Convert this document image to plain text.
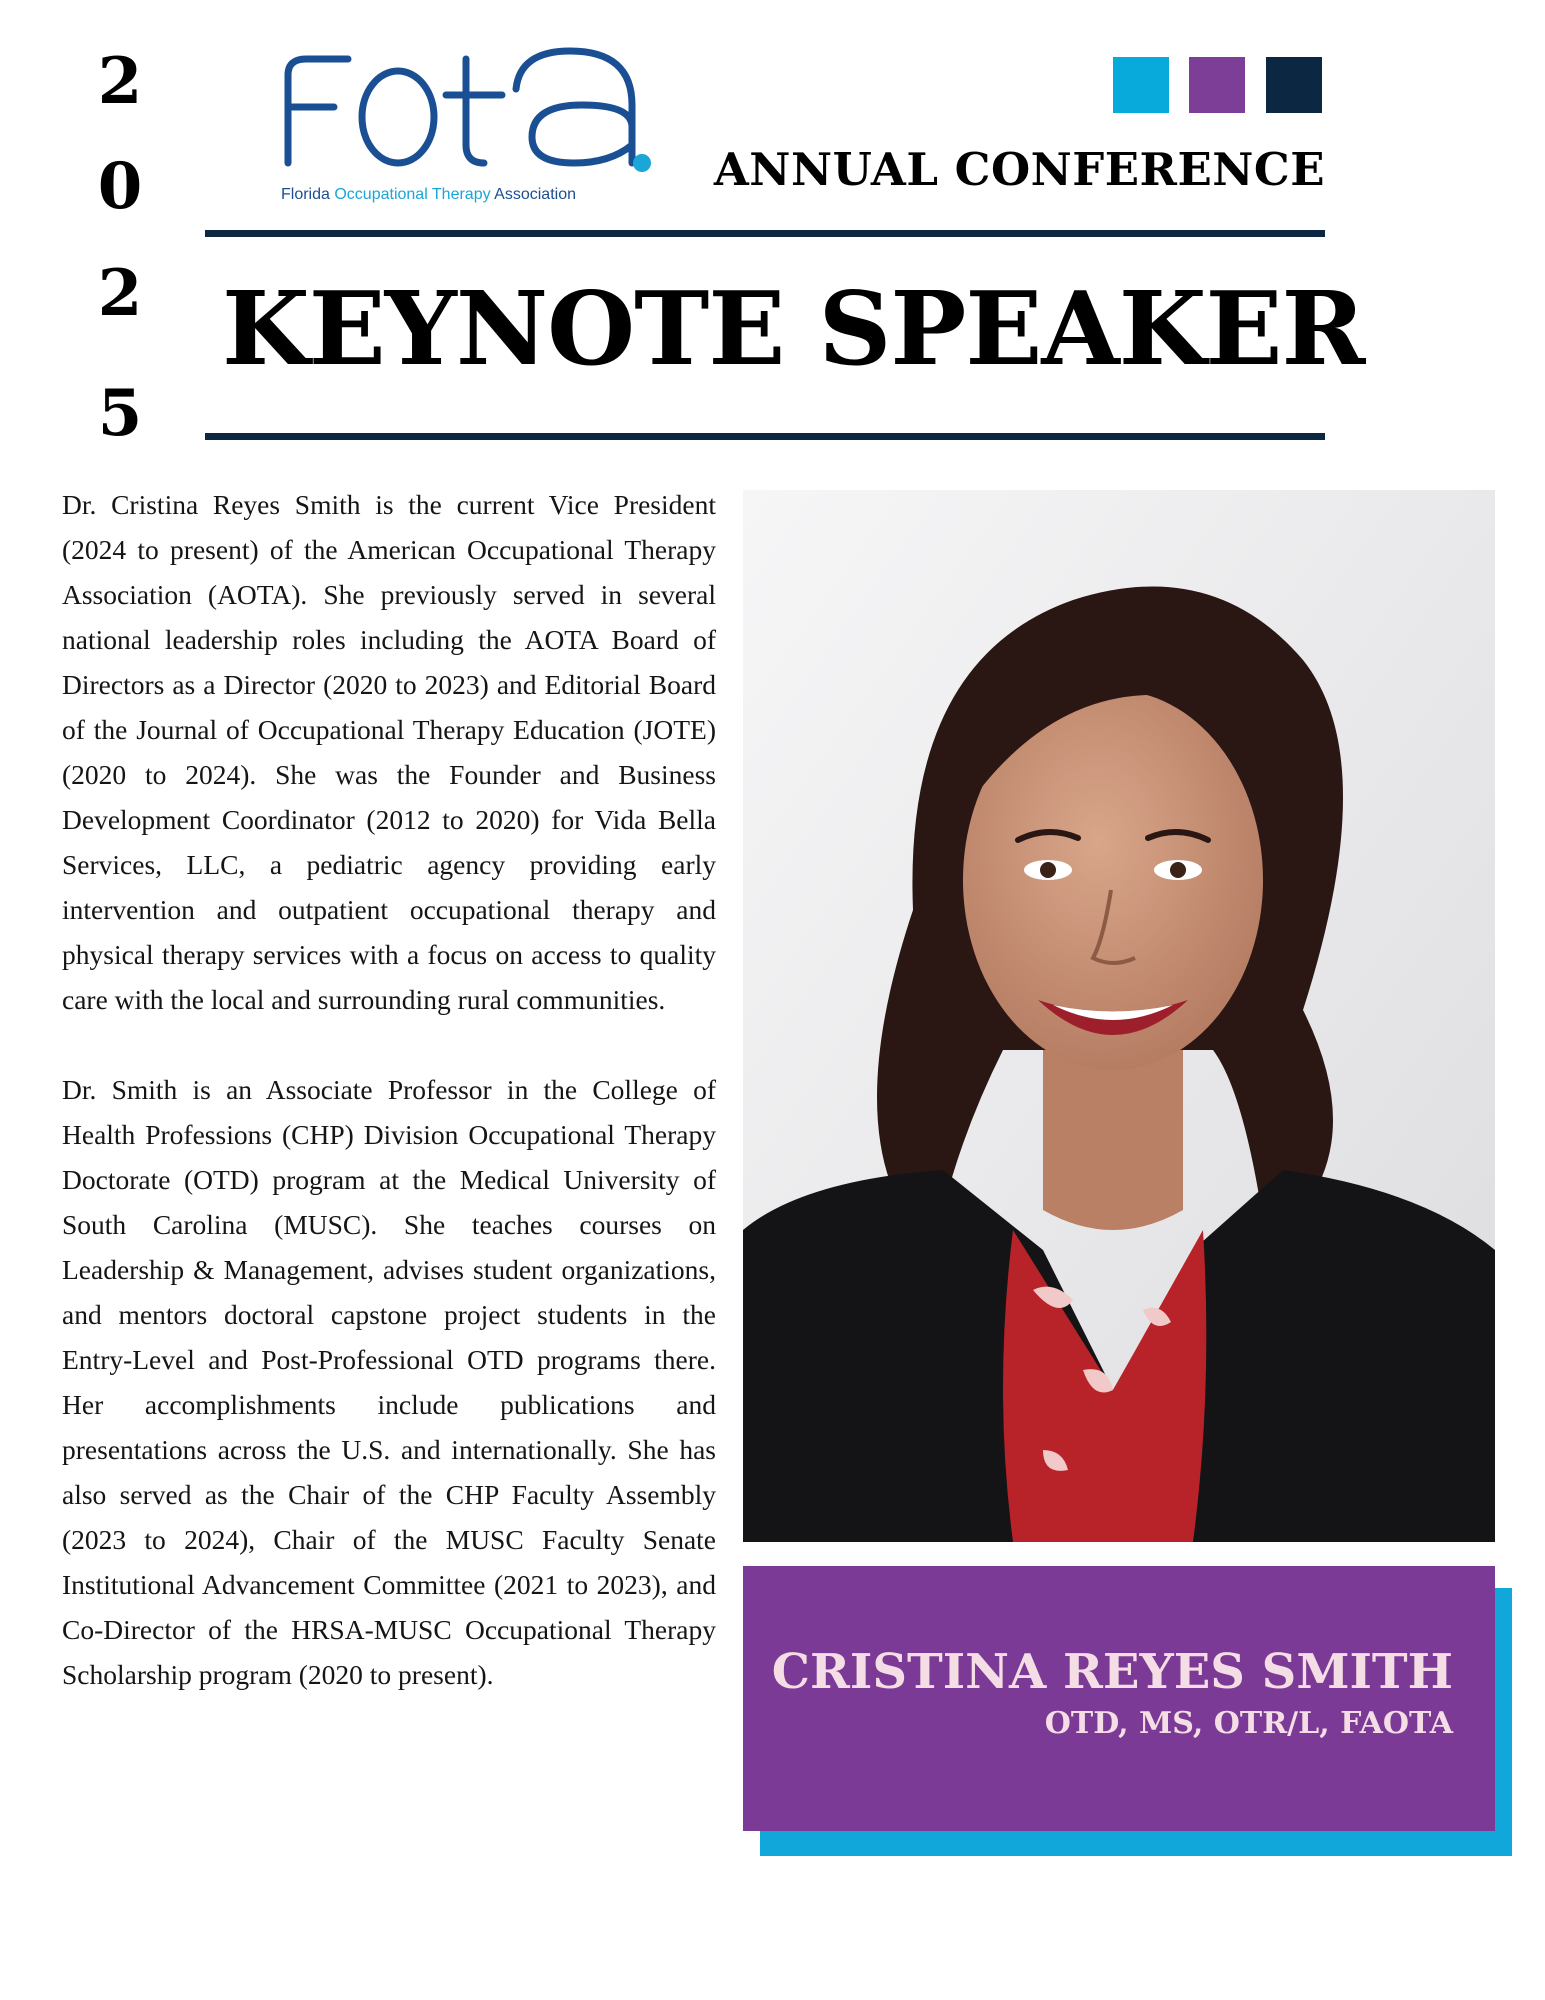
2
0
2
5
Florida Occupational Therapy Association	ANNUAL CONFERENCE
KEYNOTE SPEAKER

Dr. Cristina Reyes Smith is the current Vice President (2024 to present) of the American Occupational Therapy Association (AOTA). She previously served in several national leadership roles including the AOTA Board of Directors as a Director (2020 to 2023) and Editorial Board of the Journal of Occupational Therapy Education (JOTE) (2020 to 2024). She was the Founder and Business Development Coordinator (2012 to 2020) for Vida Bella Services, LLC, a pediatric agency providing early intervention and outpatient occupational therapy and physical therapy services with a focus on access to quality care with the local and surrounding rural communities.

Dr. Smith is an Associate Professor in the College of Health Professions (CHP) Division Occupational Therapy Doctorate (OTD) program at the Medical University of South Carolina (MUSC). She teaches courses on Leadership & Management, advises student organizations, and mentors doctoral capstone project students in the Entry-Level and Post-Professional OTD programs there. Her accomplishments include publications and presentations across the U.S. and internationally. She has also served as the Chair of the CHP Faculty Assembly (2023 to 2024), Chair of the MUSC Faculty Senate Institutional Advancement Committee (2021 to 2023), and Co-Director of the HRSA-MUSC Occupational Therapy Scholarship program (2020 to present).	CRISTINA REYES SMITH
OTD, MS, OTR/L, FAOTA
